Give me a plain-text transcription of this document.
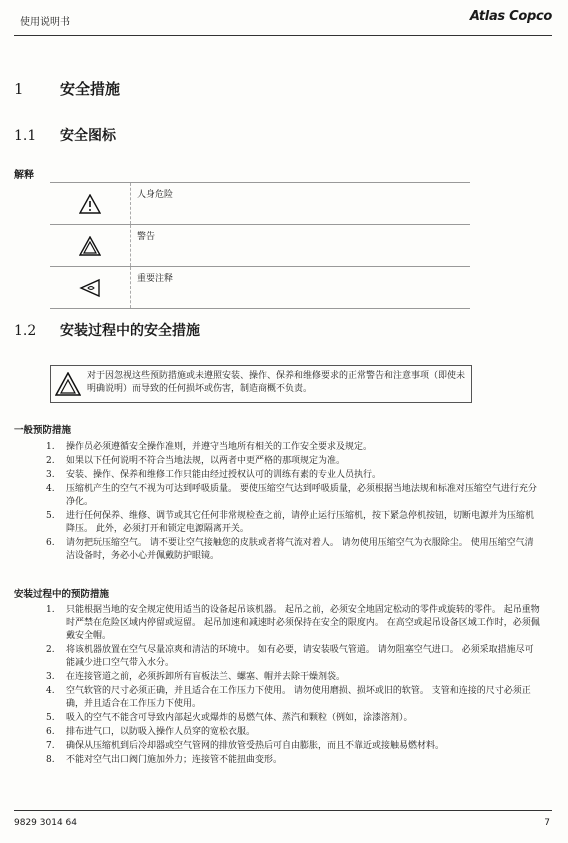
使用说明书	Atlas Copco
1 安全措施
1.1 安全图标
解释
	人身危险

	警告

	重要注释
1.2 安装过程中的安全措施
对于因忽视这些预防措施或未遵照安装、操作、保养和维修要求的正常警告和注意事项（即使未明确说明）而导致的任何损坏或伤害，制造商概不负责。
一般预防措施
1. 操作员必须遵循安全操作准则，并遵守当地所有相关的工作安全要求及规定。
2. 如果以下任何说明不符合当地法规，以两者中更严格的那项规定为准。
3. 安装、操作、保养和维修工作只能由经过授权认可的训练有素的专业人员执行。
4. 压缩机产生的空气不视为可达到呼吸质量。 要使压缩空气达到呼吸质量，必须根据当地法规和标准对压缩空气进行充分净化。
5. 进行任何保养、维修、调节或其它任何非常规检查之前，请停止运行压缩机，按下紧急停机按钮，切断电源并为压缩机降压。 此外，必须打开和锁定电源隔离开关。
6. 请勿把玩压缩空气。 请不要让空气接触您的皮肤或者将气流对着人。 请勿使用压缩空气为衣服除尘。 使用压缩空气清洁设备时，务必小心并佩戴防护眼镜。
安装过程中的预防措施
1. 只能根据当地的安全规定使用适当的设备起吊该机器。 起吊之前，必须安全地固定松动的零件或旋转的零件。 起吊重物时严禁在危险区域内停留或逗留。 起吊加速和减速时必须保持在安全的限度内。 在高空或起吊设备区域工作时，必须佩戴安全帽。
2. 将该机器放置在空气尽量凉爽和清洁的环境中。 如有必要，请安装吸气管道。 请勿阻塞空气进口。 必须采取措施尽可能减少进口空气带入水分。
3. 在连接管道之前，必须拆卸所有盲板法兰、螺塞、帽并去除干燥剂袋。
4. 空气软管的尺寸必须正确，并且适合在工作压力下使用。 请勿使用磨损、损坏或旧的软管。 支管和连接的尺寸必须正确，并且适合在工作压力下使用。
5. 吸入的空气不能含可导致内部起火或爆炸的易燃气体、蒸汽和颗粒（例如，涂漆溶剂）。
6. 排布进气口，以防吸入操作人员穿的宽松衣服。
7. 确保从压缩机到后冷却器或空气管网的排放管受热后可自由膨胀，而且不靠近或接触易燃材料。
8. 不能对空气出口阀门施加外力；连接管不能扭曲变形。
9829 3014 64	7
